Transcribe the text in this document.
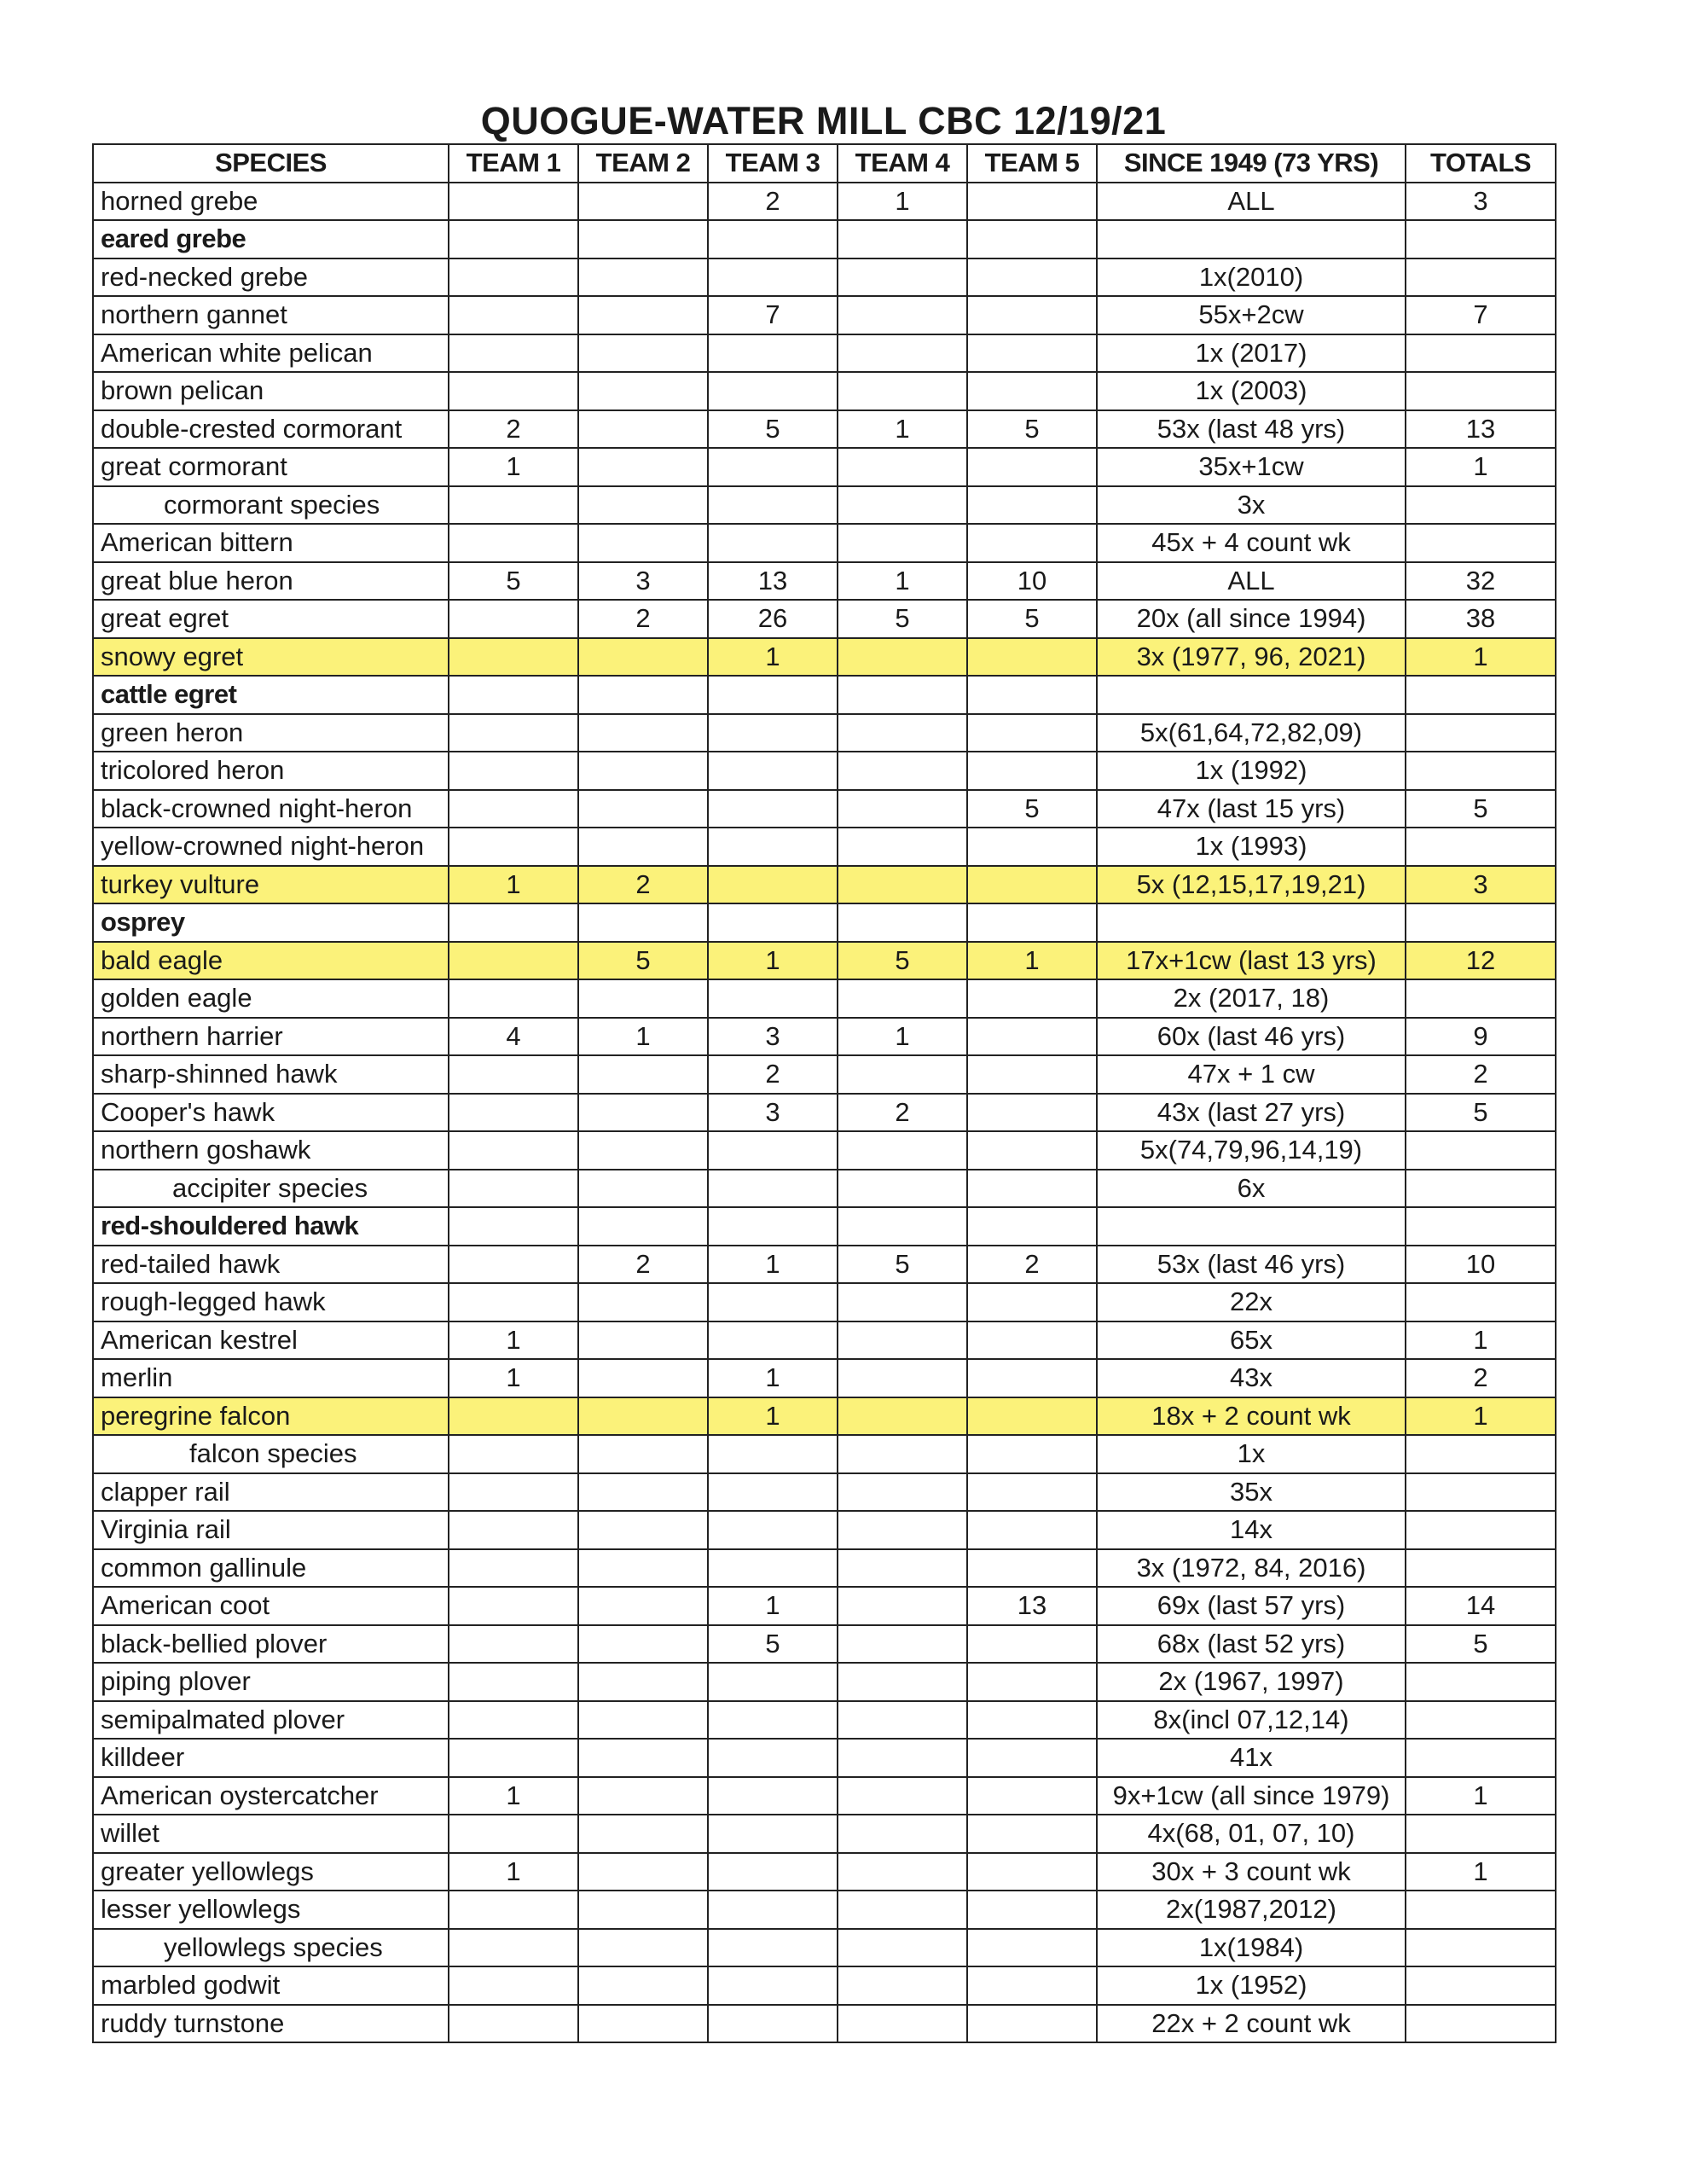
QUOGUE-WATER MILL CBC 12/19/21
SPECIES	TEAM 1	TEAM 2	TEAM 3	TEAM 4	TEAM 5	SINCE 1949 (73 YRS)	TOTALS
horned grebe			2	1		ALL	3
eared grebe							
red-necked grebe						1x(2010)	
northern gannet			7			55x+2cw	7
American white pelican						1x (2017)	
brown pelican						1x (2003)	
double-crested cormorant	2		5	1	5	53x (last 48 yrs)	13
great cormorant	1					35x+1cw	1
cormorant species						3x	
American bittern						45x + 4 count wk	
great blue heron	5	3	13	1	10	ALL	32
great egret		2	26	5	5	20x (all since 1994)	38
snowy egret			1			3x (1977, 96, 2021)	1
cattle egret							
green heron						5x(61,64,72,82,09)	
tricolored heron						1x (1992)	
black-crowned night-heron					5	47x (last 15 yrs)	5
yellow-crowned night-heron						1x (1993)	
turkey vulture	1	2				5x (12,15,17,19,21)	3
osprey							
bald eagle		5	1	5	1	17x+1cw (last 13 yrs)	12
golden eagle						2x (2017, 18)	
northern harrier	4	1	3	1		60x (last 46 yrs)	9
sharp-shinned hawk			2			47x + 1 cw	2
Cooper's hawk			3	2		43x (last 27 yrs)	5
northern goshawk						5x(74,79,96,14,19)	
accipiter species						6x	
red-shouldered hawk							
red-tailed hawk		2	1	5	2	53x (last 46 yrs)	10
rough-legged hawk						22x	
American kestrel	1					65x	1
merlin	1		1			43x	2
peregrine falcon			1			18x + 2 count wk	1
falcon species						1x	
clapper rail						35x	
Virginia rail						14x	
common gallinule						3x (1972, 84, 2016)	
American coot			1		13	69x (last 57 yrs)	14
black-bellied plover			5			68x (last 52 yrs)	5
piping plover						2x (1967, 1997)	
semipalmated plover						8x(incl 07,12,14)	
killdeer						41x	
American oystercatcher	1					9x+1cw (all since 1979)	1
willet						4x(68, 01, 07, 10)	
greater yellowlegs	1					30x + 3 count wk	1
lesser yellowlegs						2x(1987,2012)	
yellowlegs species						1x(1984)	
marbled godwit						1x (1952)	
ruddy turnstone						22x + 2 count wk	
